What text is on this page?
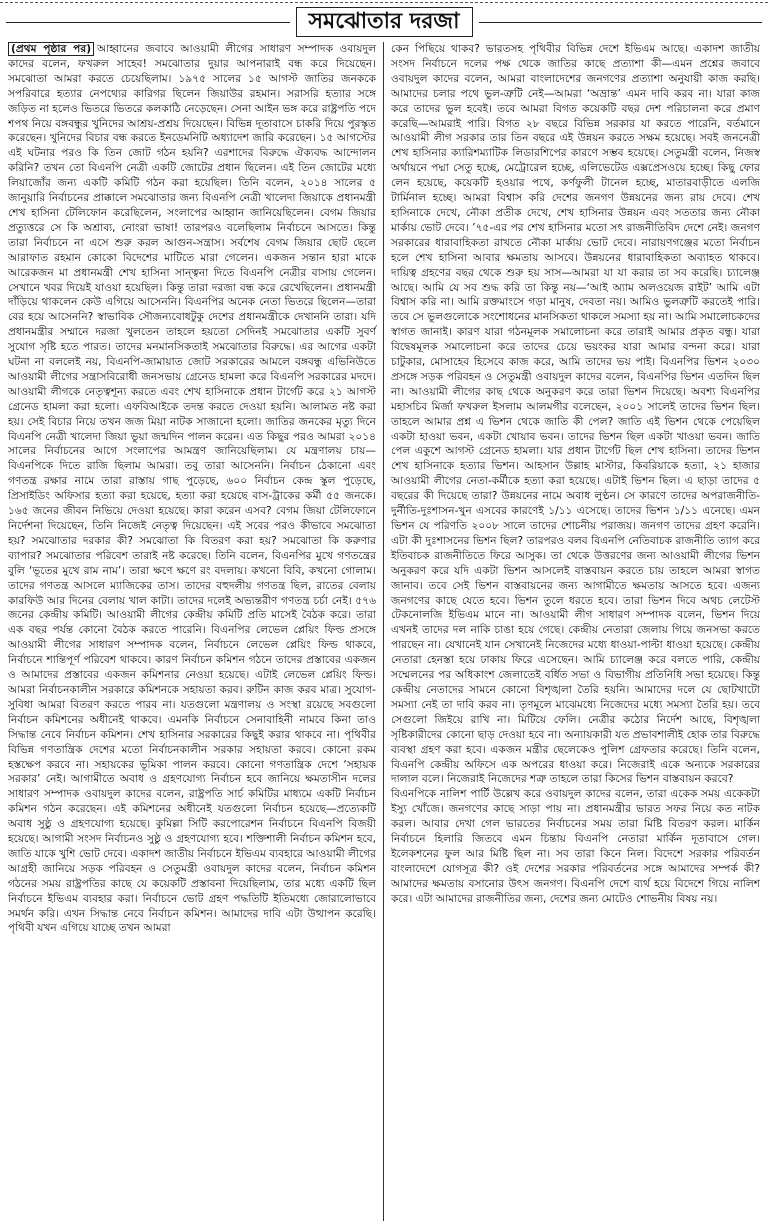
সমঝোতার দরজা

(প্রথম পৃষ্ঠার পর) আহ্বানের জবাবে আওয়ামী লীগের সাধারণ সম্পাদক ওবায়দুল কাদের বলেন, ফখরুল সাহেব! সমঝোতার দুয়ার আপনারাই বন্ধ করে দিয়েছেন। সমঝোতা আমরা করতে চেয়েছিলাম। ১৯৭৫ সালের ১৫ আগস্ট জাতির জনককে সপরিবারে হত্যার নেপথ্যের কারিগর ছিলেন জিয়াউর রহমান। সরাসরি হত্যার সঙ্গে জড়িত না হলেও ভিতরে ভিতরে কলকাঠি নেড়েছেন। সেনা আইন ভঙ্গ করে রাষ্ট্রপতি পদে শপথ নিয়ে বঙ্গবন্ধুর খুনিদের আশ্রয়-প্রশ্রয় দিয়েছেন। বিভিন্ন দূতাবাসে চাকরি দিয়ে পুরস্কৃত করেছেন। খুনিদের বিচার বন্ধ করতে ইনডেমনিটি অধ্যাদেশ জারি করেছেন। ১৫ আগস্টের এই ঘটনার পরও কি তিন জোট গঠন হয়নি? এরশাদের বিরুদ্ধে ঐক্যবদ্ধ আন্দোলন করিনি? তখন তো বিএনপি নেত্রী একটি জোটের প্রধান ছিলেন। এই তিন জোটের মধ্যে লিয়াজোঁর জন্য একটি কমিটি গঠন করা হয়েছিল। তিনি বলেন, ২০১৪ সালের ৫ জানুয়ারি নির্বাচনের প্রাক্কালে সমঝোতার জন্য বিএনপি নেত্রী খালেদা জিয়াকে প্রধানমন্ত্রী শেখ হাসিনা টেলিফোন করেছিলেন, সংলাপের আহ্বান জানিয়েছিলেন। বেগম জিয়ার প্রত্যুত্তরে সে কি অশ্রাব্য, নোংরা ভাষা! তারপরও বলেছিলাম নির্বাচনে আসতে। কিন্তু তারা নির্বাচনে না এসে শুরু করল আগুন-সন্ত্রাস। সর্বশেষ বেগম জিয়ার ছোট ছেলে আরাফাত রহমান কোকো বিদেশের মাটিতে মারা গেলেন। একজন সন্তান হারা মাকে আরেকজন মা প্রধানমন্ত্রী শেখ হাসিনা সান্ত্বনা দিতে বিএনপি নেত্রীর বাসায় গেলেন। সেখানে খবর দিয়েই যাওয়া হয়েছিল। কিন্তু তারা দরজা বন্ধ করে রেখেছিলেন। প্রধানমন্ত্রী দাঁড়িয়ে থাকলেন কেউ এগিয়ে আসেননি। বিএনপির অনেক নেতা ভিতরে ছিলেন—তারা বের হয়ে আসেননি? স্বাভাবিক সৌজন্যবোধটুকু দেশের প্রধানমন্ত্রীকে দেখাননি তারা। যদি প্রধানমন্ত্রীর সম্মানে দরজা খুলতেন তাহলে হয়তো সেদিনই সমঝোতার একটি সুবর্ণ সুযোগ সৃষ্টি হতে পারত। তাদের মনমানসিকতাই সমঝোতার বিরুদ্ধে। এর আগের একটা ঘটনা না বললেই নয়, বিএনপি-জামায়াত জোট সরকারের আমলে বঙ্গবন্ধু এভিনিউতে আওয়ামী লীগের সন্ত্রাসবিরোধী জনসভায় গ্রেনেড হামলা করে বিএনপি সরকারের মদদে। আওয়ামী লীগকে নেতৃত্বশূন্য করতে এবং শেখ হাসিনাকে প্রধান টার্গেট করে ২১ আগস্ট গ্রেনেড হামলা করা হলো। এফবিআইকে তদন্ত করতে দেওয়া হয়নি। আলামত নষ্ট করা হয়। সেই বিচার নিয়ে তখন জজ মিয়া নাটক সাজানো হলো। জাতির জনকের মৃত্যু দিনে বিএনপি নেত্রী খালেদা জিয়া ভুয়া জন্মদিন পালন করেন। এত কিছুর পরও আমরা ২০১৪ সালের নির্বাচনের আগে সংলাপের আমন্ত্রণ জানিয়েছিলাম। যে মন্ত্রণালয় চায়—বিএনপিকে দিতে রাজি ছিলাম আমরা। তবু তারা আসেননি। নির্বাচন ঠেকানো এবং গণতন্ত্র রক্ষার নামে তারা রাস্তায় গাছ পুড়েছে, ৬০০ নির্বাচন কেন্দ্র স্কুল পুড়েছে, প্রিসাইডিং অফিসার হত্যা করা হয়েছে, হত্যা করা হয়েছে বাস-ট্রাকের কর্মী ৫৫ জনকে। ১৬৫ জনের জীবন নিভিয়ে দেওয়া হয়েছে। কারা করেন এসব? বেগম জিয়া টেলিফোনে নির্দেশনা দিয়েছেন, তিনি নিজেই নেতৃত্ব দিয়েছেন। এই সবের পরও কীভাবে সমঝোতা হয়? সমঝোতার দরকার কী? সমঝোতা কি বিতরণ করা হয়? সমঝোতা কি করুণার ব্যাপার? সমঝোতার পরিবেশ তারাই নষ্ট করেছে। তিনি বলেন, বিএনপির মুখে গণতন্ত্রের বুলি ‘ভূতের মুখে রাম নাম’। তারা ক্ষণে ক্ষণে রং বদলায়। কখনো বিবি, কখনো গোলাম। তাদের গণতন্ত্র আসলে ম্যাজিকের তাস। তাদের বহুদলীয় গণতন্ত্র ছিল, রাতের বেলায় কারফিউ আর দিনের বেলায় খাল কাটা। তাদের দলেই অভ্যন্তরীণ গণতন্ত্র চর্চা নেই। ৫৭৬ জনের কেন্দ্রীয় কমিটি। আওয়ামী লীগের কেন্দ্রীয় কমিটি প্রতি মাসেই বৈঠক করে। তারা এক বছর পর্যন্ত কোনো বৈঠক করতে পারেনি। বিএনপির লেভেল প্লেয়িং ফিল্ড প্রসঙ্গে আওয়ামী লীগের সাধারণ সম্পাদক বলেন, নির্বাচনে লেভেল প্লেয়িং ফিল্ড থাকবে, নির্বাচনে শান্তিপূর্ণ পরিবেশ থাকবে। কারণ নির্বাচন কমিশন গঠনে তাদের প্রস্তাবের একজন ও আমাদের প্রস্তাবের একজন কমিশনার নেওয়া হয়েছে। এটাই লেভেল প্লেয়িং ফিল্ড। আমরা নির্বাচনকালীন সরকারে কমিশনকে সহায়তা করব। রুটিন কাজ করব মাত্র। সুযোগ-সুবিধা আমরা বিতরণ করতে পারব না। যতগুলো মন্ত্রণালয় ও সংস্থা রয়েছে সবগুলো নির্বাচন কমিশনের অধীনেই থাকবে। এমনকি নির্বাচনে সেনাবাহিনী নামবে কিনা তাও সিদ্ধান্ত নেবে নির্বাচন কমিশন। শেখ হাসিনার সরকারের কিছুই করার থাকবে না। পৃথিবীর বিভিন্ন গণতান্ত্রিক দেশের মতো নির্বাচনকালীন সরকার সহায়তা করবে। কোনো রকম হস্তক্ষেপ করবে না। সহায়কের ভূমিকা পালন করবে। কোনো গণতান্ত্রিক দেশে ‘সহায়ক সরকার’ নেই। আগামীতে অবাধ ও গ্রহণযোগ্য নির্বাচন হবে জানিয়ে ক্ষমতাসীন দলের সাধারণ সম্পাদক ওবায়দুল কাদের বলেন, রাষ্ট্রপতি সার্চ কমিটির মাধ্যমে একটি নির্বাচন কমিশন গঠন করেছেন। এই কমিশনের অধীনেই যতগুলো নির্বাচন হয়েছে—প্রত্যেকটি অবাধ সুষ্ঠু ও গ্রহণযোগ্য হয়েছে। কুমিল্লা সিটি করপোরেশন নির্বাচনে বিএনপি বিজয়ী হয়েছে। আগামী সংসদ নির্বাচনও সুষ্ঠু ও গ্রহণযোগ্য হবে। শক্তিশালী নির্বাচন কমিশন হবে, জাতি যাকে খুশি ভোট দেবে। একাদশ জাতীয় নির্বাচনে ইভিএম ব্যবহারে আওয়ামী লীগের আগ্রহী জানিয়ে সড়ক পরিবহন ও সেতুমন্ত্রী ওবায়দুল কাদের বলেন, নির্বাচন কমিশন গঠনের সময় রাষ্ট্রপতির কাছে যে কয়েকটি প্রস্তাবনা দিয়েছিলাম, তার মধ্যে একটি ছিল নির্বাচনে ইভিএম ব্যবহার করা। নির্বাচনে ভোট গ্রহণ পদ্ধতিটি ইতিমধ্যে জোরালোভাবে সমর্থন করি। এখন সিদ্ধান্ত নেবে নির্বাচন কমিশন। আমাদের দাবি এটা উত্থাপন করেছি। পৃথিবী যখন এগিয়ে যাচ্ছে তখন আমরা

কেন পিছিয়ে থাকব? ভারতসহ পৃথিবীর বিভিন্ন দেশে ইভিএম আছে। একাদশ জাতীয় সংসদ নির্বাচনে দলের পক্ষ থেকে জাতির কাছে প্রত্যাশা কী—এমন প্রশ্নের জবাবে ওবায়দুল কাদের বলেন, আমরা বাংলাদেশের জনগণের প্রত্যাশা অনুযায়ী কাজ করছি। আমাদের চলার পথে ভুল-ত্রুটি নেই—আমরা ‘অভ্রান্ত’ এমন দাবি করব না। যারা কাজ করে তাদের ভুল হবেই। তবে আমরা বিগত কয়েকটি বছর দেশ পরিচালনা করে প্রমাণ করেছি—আমরাই পারি। বিগত ২৮ বছরে বিভিন্ন সরকার যা করতে পারেনি, বর্তমানে আওয়ামী লীগ সরকার তার তিন বছরে এই উন্নয়ন করতে সক্ষম হয়েছে। সবই জননেত্রী শেখ হাসিনার ক্যারিশম্যাটিক লিডারশিপের কারণে সম্ভব হয়েছে। সেতুমন্ত্রী বলেন, নিজস্ব অর্থায়নে পদ্মা সেতু হচ্ছে, মেট্রোরেল হচ্ছে, এলিভেটেড এক্সপ্রেসওয়ে হচ্ছে। কিছু ফোর লেন হয়েছে, কয়েকটি হওয়ার পথে, কর্ণফুলী টানেল হচ্ছে, মাতারবাড়ীতে এলজি টার্মিনাল হচ্ছে। আমরা বিশ্বাস করি দেশের জনগণ উন্নয়নের জন্য রায় দেবে। শেখ হাসিনাকে দেখে, নৌকা প্রতীক দেখে, শেখ হাসিনার উন্নয়ন এবং সততার জন্য নৌকা মার্কায় ভোট দেবে। ’৭৫-এর পর শেখ হাসিনার মতো সৎ রাজনীতিবিদ দেশে নেই। জনগণ সরকারের ধারাবাহিকতা রাখতে নৌকা মার্কায় ভোট দেবে। নারায়ণগঞ্জের মতো নির্বাচন হলে শেখ হাসিনা আবার ক্ষমতায় আসবে। উন্নয়নের ধারাবাহিকতা অব্যাহত থাকবে। দায়িত্ব গ্রহণের বছর থেকে শুরু হয় সাস—আমরা যা যা করার তা সব করেছি। চ্যালেঞ্জ আছে। আমি যে সব শুদ্ধ করি তা কিন্তু নয়—‘আই অ্যাম অলওয়েজ রাইট’ আমি এটা বিশ্বাস করি না। আমি রক্তমাংসে গড়া মানুষ, দেবতা নয়। আমিও ভুলত্রুটি করতেই পারি। তবে সে ভুলগুলোকে সংশোধনের মানসিকতা থাকলে সমস্যা হয় না। আমি সমালোচকদের স্বাগত জানাই। কারণ যারা গঠনমূলক সমালোচনা করে তারাই আমার প্রকৃত বন্ধু। যারা বিদ্বেষমূলক সমালোচনা করে তাদের চেয়ে ভয়ংকর যারা আমার বন্দনা করে। যারা চাটুকার, মোসাহেব হিসেবে কাজ করে, আমি তাদের ভয় পাই। বিএনপির ভিশন ২০৩০ প্রসঙ্গে সড়ক পরিবহন ও সেতুমন্ত্রী ওবায়দুল কাদের বলেন, বিএনপির ভিশন এতদিন ছিল না। আওয়ামী লীগের কাছ থেকে অনুকরণ করে তারা ভিশন দিয়েছে। অবশ্য বিএনপির মহাসচিব মির্জা ফখরুল ইসলাম আলমগীর বলেছেন, ২০০১ সালেই তাদের ভিশন ছিল। তাহলে আমার প্রশ্ন এ ভিশন থেকে জাতি কী পেল? জাতি এই ভিশন থেকে পেয়েছিল একটা হাওয়া ভবন, একটা খোয়াব ভবন। তাদের ভিশন ছিল একটা খাওয়া ভবন। জাতি পেল একুশে আগস্ট গ্রেনেড হামলা। যার প্রধান টার্গেট ছিল শেখ হাসিনা। তাদের ভিশন শেখ হাসিনাকে হত্যার ভিশন। আহসান উল্লাহ মাস্টার, কিবরিয়াকে হত্যা, ২১ হাজার আওয়ামী লীগের নেতা-কর্মীকে হত্যা করা হয়েছে। এটাই ভিশন ছিল। এ ছাড়া তাদের ৫ বছরের কী দিয়েছে তারা? উন্নয়নের নামে অবাধ লুণ্ঠন। সে কারণে তাদের অপরাজনীতি-দুর্নীতি-দুঃশাসন-খুন এসবের কারণেই ১/১১ এসেছে। তাদের ভিশন ১/১১ এনেছে। এমন ভিশন যে পরিণতি ২০০৮ সালে তাদের শোচনীয় পরাজয়। জনগণ তাদের গ্রহণ করেনি। এটা কী দুঃশাসনের ভিশন ছিল? তারপরও বলব বিএনপি নেতিবাচক রাজনীতি ত্যাগ করে ইতিবাচক রাজনীতিতে ফিরে আসুক। তা থেকে উত্তরণের জন্য আওয়ামী লীগের ভিশন অনুকরণ করে যদি একটা ভিশন আসলেই বাস্তবায়ন করতে চায় তাহলে আমরা স্বাগত জানাব। তবে সেই ভিশন বাস্তবায়নের জন্য আগামীতে ক্ষমতায় আসতে হবে। এজন্য জনগণের কাছে যেতে হবে। ভিশন তুলে ধরতে হবে। তারা ভিশন দিবে অথচ লেটেস্ট টেকনোলজি ইভিএম মানে না। আওয়ামী লীগ সাধারণ সম্পাদক বলেন, ভিশন দিয়ে এখনই তাদের দল নাকি চাঙা হয়ে গেছে। কেন্দ্রীয় নেতারা জেলায় গিয়ে জনসভা করতে পারছেন না। যেখানেই যান সেখানেই নিজেদের মধ্যে ধাওয়া-পাল্টা ধাওয়া হয়েছে। কেন্দ্রীয় নেতারা হেনস্তা হয়ে ঢাকায় ফিরে এসেছেন। আমি চ্যালেঞ্জ করে বলতে পারি, কেন্দ্রীয় সম্মেলনের পর অধিকাংশ জেলাতেই বর্ধিত সভা ও বিভাগীয় প্রতিনিধি সভা হয়েছে। কিন্তু কেন্দ্রীয় নেতাদের সামনে কোনো বিশৃঙ্খলা তৈরি হয়নি। আমাদের দলে যে ছোটখাটো সমস্যা নেই তা দাবি করব না। তৃণমূলে মাঝেমধ্যে নিজেদের মধ্যে সমস্যা তৈরি হয়। তবে সেগুলো জিইয়ে রাখি না। মিটিয়ে ফেলি। নেত্রীর কঠোর নির্দেশ আছে, বিশৃঙ্খলা সৃষ্টিকারীদের কোনো ছাড় দেওয়া হবে না। অন্যায়কারী যত প্রভাবশালীই হোক তার বিরুদ্ধে ব্যবস্থা গ্রহণ করা হবে। একজন মন্ত্রীর ছেলেকেও পুলিশ গ্রেফতার করেছে। তিনি বলেন, বিএনপি কেন্দ্রীয় অফিসে এক অপরের ধাওয়া করে। নিজেরাই একে অন্যকে সরকারের দালাল বলে। নিজেরাই নিজেদের শত্রু তাহলে তারা কিসের ভিশন বাস্তবায়ন করবে?

বিএনপিকে নালিশ পার্টি উল্লেখ করে ওবায়দুল কাদের বলেন, তারা একেক সময় একেকটা ইস্যু খোঁজে। জনগণের কাছে সাড়া পায় না। প্রধানমন্ত্রীর ভারত সফর নিয়ে কত নাটক করল। আবার দেখা গেল ভারতের নির্বাচনের সময় তারা মিষ্টি বিতরণ করল। মার্কিন নির্বাচনে হিলারি জিতবে এমন চিন্তায় বিএনপি নেতারা মার্কিন দূতাবাসে গেল। ইলেকশনের ফুল আর মিষ্টি ছিল না। সব তারা কিনে নিল। বিদেশে সরকার পরিবর্তন বাংলাদেশে যোগসূত্র কী? ওই দেশের সরকার পরিবর্তনের সঙ্গে আমাদের সম্পর্ক কী? আমাদের ক্ষমতায় বসানোর উৎস জনগণ। বিএনপি দেশে ব্যর্থ হয়ে বিদেশে গিয়ে নালিশ করে। এটা আমাদের রাজনীতির জন্য, দেশের জন্য মোটেও শোভনীয় বিষয় নয়।
